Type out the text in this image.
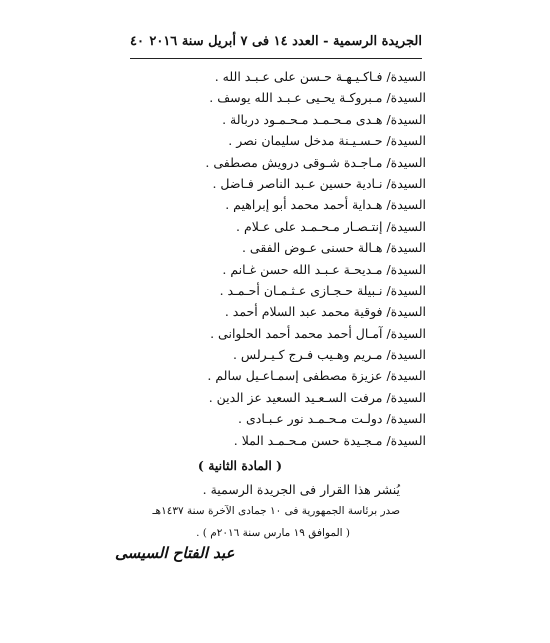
الجريدة الرسمية - العدد ١٤ فى ٧ أبريل سنة ٢٠١٦
٤٠
السيدة/ فـاكـيـهـة حـسن على عـبـد الله .
السيدة/ مـبروكـة يحـيى عـبـد الله يوسف .
السيدة/ هـدى مـحـمـد مـحـمـود دربالة .
السيدة/ حـسـيـنة مدخل سليمان نصر .
السيدة/ مـاجـدة شـوقى درويش مصطفى .
السيدة/ نـادية حسين عـبد الناصر فـاضل .
السيدة/ هـداية أحمد محمد أبو إبراهيم .
السيدة/ إنتـصـار مـحـمـد على عـلام .
السيدة/ هـالة حسنى عـوض الفقى .
السيدة/ مـديحـة عـبـد الله حسن غـانم .
السيدة/ نـبيلة حـجـازى عـثـمـان أحـمـد .
السيدة/ فوقية محمد عبد السلام أحمد .
السيدة/ آمـال أحمد محمد أحمد الحلوانى .
السيدة/ مـريم وهـيب فـرج كـيـرلس .
السيدة/ عزيزة مصطفى إسمـاعـيل سالم .
السيدة/ مرفت السـعـيد السعيد عز الدين .
السيدة/ دولـت مـحـمـد نور عـبـادى .
السيدة/ مـجـيدة حسن مـحـمـد الملا .
( المادة الثانية )
يُنشر هذا القرار فى الجريدة الرسمية .
صدر برئاسة الجمهورية فى ١٠ جمادى الآخرة سنة ١٤٣٧هـ
( الموافق ١٩ مارس سنة ٢٠١٦م ) .
عبد الفتاح السيسى
